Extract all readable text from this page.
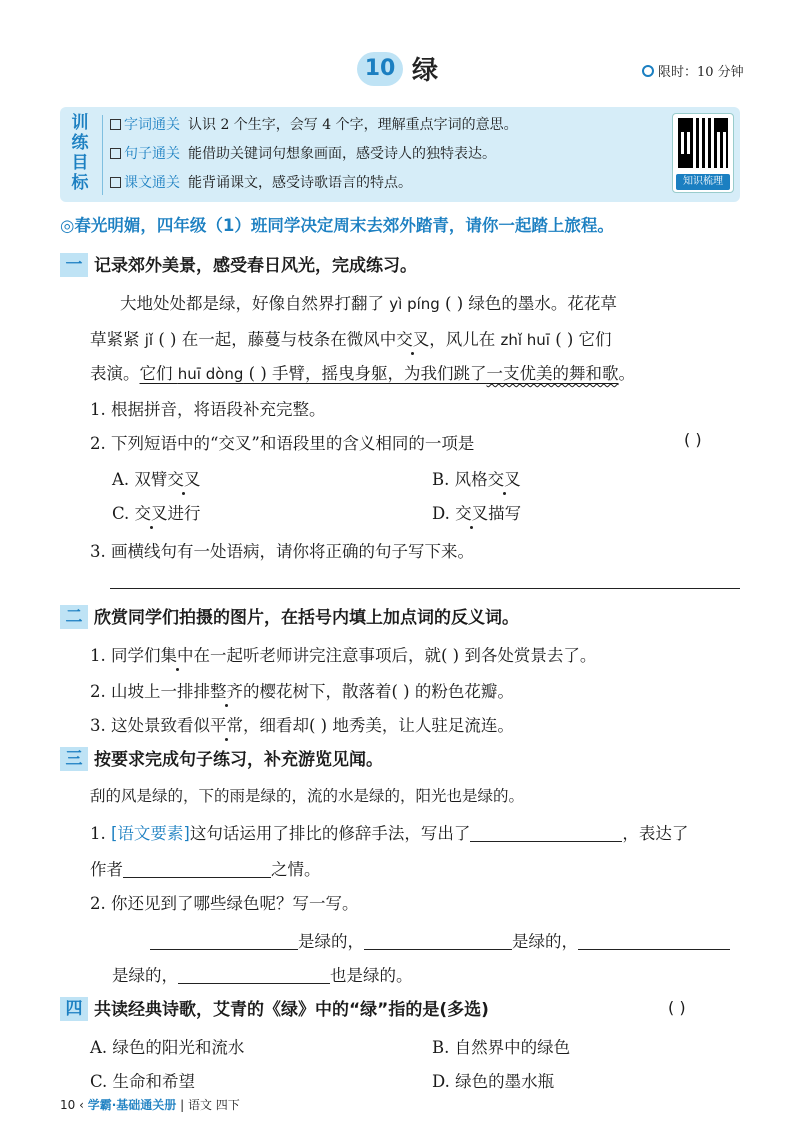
10 绿	限时：10 分钟
训练目标
字词通关 认识 2 个生字，会写 4 个字，理解重点字词的意思。
句子通关 能借助关键词句想象画面，感受诗人的独特表达。
课文通关 能背诵课文，感受诗歌语言的特点。	知识梳理
◎春光明媚，四年级（1）班同学决定周末去郊外踏青，请你一起踏上旅程。
一 记录郊外美景，感受春日风光，完成练习。
大地处处都是绿，好像自然界打翻了 yì píng ( ) 绿色的墨水。花花草
草紧紧 jǐ ( ) 在一起，藤蔓与枝条在微风中交叉，风儿在 zhǐ huī ( ) 它们
表演。它们 huī dòng ( ) 手臂，摇曳身躯，为我们跳了一支优美的舞和歌。
1. 根据拼音，将语段补充完整。
2. 下列短语中的“交叉”和语段里的含义相同的一项是	( )
A. 双臂交叉	B. 风格交叉
C. 交叉进行	D. 交叉描写
3. 画横线句有一处语病，请你将正确的句子写下来。
二 欣赏同学们拍摄的图片，在括号内填上加点词的反义词。
1. 同学们集中在一起听老师讲完注意事项后，就( ) 到各处赏景去了。
2. 山坡上一排排整齐的樱花树下，散落着( ) 的粉色花瓣。
3. 这处景致看似平常，细看却( ) 地秀美，让人驻足流连。
三 按要求完成句子练习，补充游览见闻。
刮的风是绿的，下的雨是绿的，流的水是绿的，阳光也是绿的。
1. [语文要素]这句话运用了排比的修辞手法，写出了	，表达了
作者	之情。
2. 你还见到了哪些绿色呢？写一写。
是绿的，	是绿的，
是绿的，	也是绿的。
四 共读经典诗歌，艾青的《绿》中的“绿”指的是(多选)	( )
A. 绿色的阳光和流水	B. 自然界中的绿色
C. 生命和希望	D. 绿色的墨水瓶
10 ‹ 学霸·基础通关册 | 语文 四下
